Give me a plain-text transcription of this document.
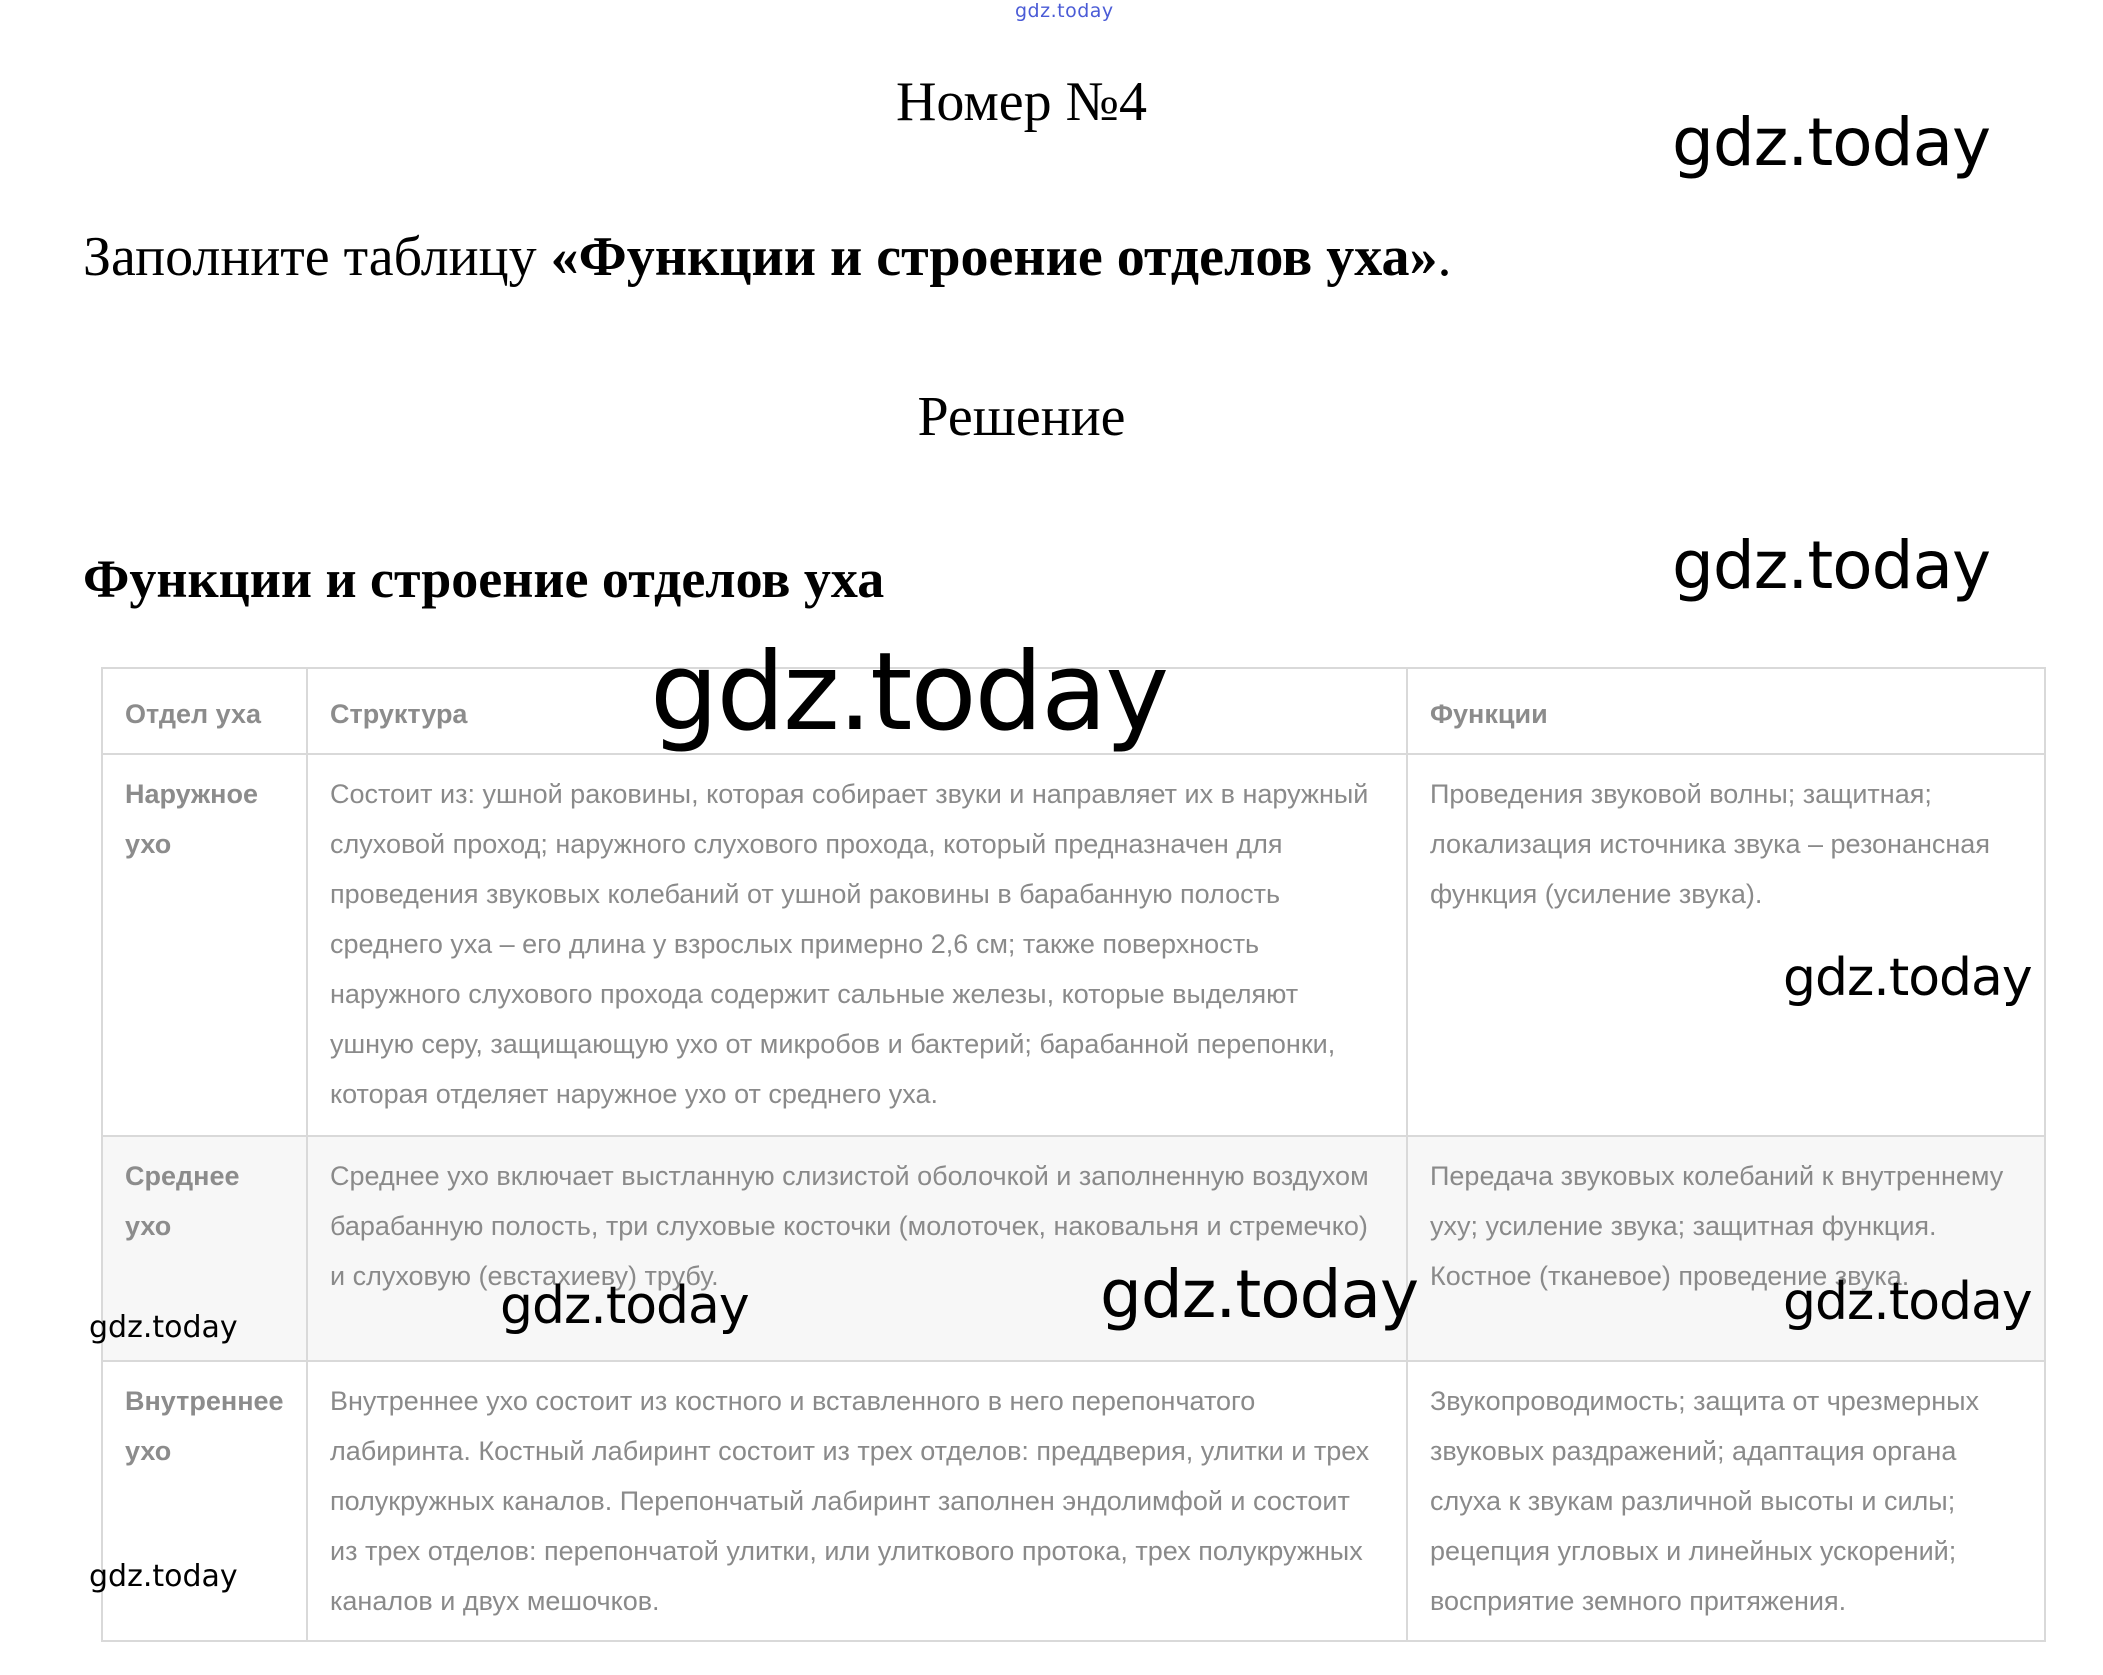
gdz.today
Номер №4
Заполните таблицу «Функции и строение отделов уха».
Решение
Функции и строение отделов уха
Отдел уха	Структура	Функции
Наружное ухо	Состоит из: ушной раковины, которая собирает звуки и направляет их в наружный слуховой проход; наружного слухового прохода, который предназначен для проведения звуковых колебаний от ушной раковины в барабанную полость среднего уха – его длина у взрослых примерно 2,6 см; также поверхность наружного слухового прохода содержит сальные железы, которые выделяют ушную серу, защищающую ухо от микробов и бактерий; барабанной перепонки, которая отделяет наружное ухо от среднего уха.	Проведения звуковой волны; защитная; локализация источника звука – резонансная функция (усиление звука).
Среднее ухо	Среднее ухо включает выстланную слизистой оболочкой и заполненную воздухом барабанную полость, три слуховые косточки (молоточек, наковальня и стремечко) и слуховую (евстахиеву) трубу.	Передача звуковых колебаний к внутреннему уху; усиление звука; защитная функция. Костное (тканевое) проведение звука.
Внутреннее ухо	Внутреннее ухо состоит из костного и вставленного в него перепончатого лабиринта. Костный лабиринт состоит из трех отделов: преддверия, улитки и трех полукружных каналов. Перепончатый лабиринт заполнен эндолимфой и состоит из трех отделов: перепончатой улитки, или улиткового протока, трех полукружных каналов и двух мешочков.	Звукопроводимость; защита от чрезмерных звуковых раздражений; адаптация органа слуха к звукам различной высоты и силы; рецепция угловых и линейных ускорений; восприятие земного притяжения.
gdz.today
gdz.today
gdz.today
gdz.today
gdz.today
gdz.today	gdz.today
gdz.today
gdz.today
